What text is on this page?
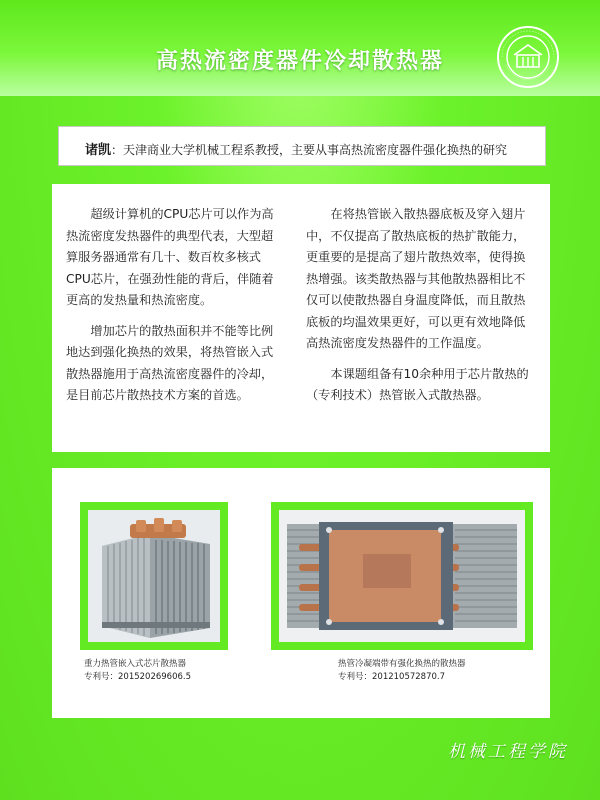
高热流密度器件冷却散热器
诸凯：天津商业大学机械工程系教授，主要从事高热流密度器件强化换热的研究

超级计算机的CPU芯片可以作为高热流密度发热器件的典型代表，大型超算服务器通常有几十、数百枚多核式CPU芯片，在强劲性能的背后，伴随着更高的发热量和热流密度。

增加芯片的散热面积并不能等比例地达到强化换热的效果，将热管嵌入式散热器施用于高热流密度器件的冷却，是目前芯片散热技术方案的首选。

在将热管嵌入散热器底板及穿入翅片中，不仅提高了散热底板的热扩散能力，更重要的是提高了翅片散热效率，使得换热增强。该类散热器与其他散热器相比不仅可以使散热器自身温度降低，而且散热底板的均温效果更好，可以更有效地降低高热流密度发热器件的工作温度。

本课题组备有10余种用于芯片散热的（专利技术）热管嵌入式散热器。

重力热管嵌入式芯片散热器
专利号：201520269606.5
热管冷凝端带有强化换热的散热器
专利号：201210572870.7
机械工程学院
